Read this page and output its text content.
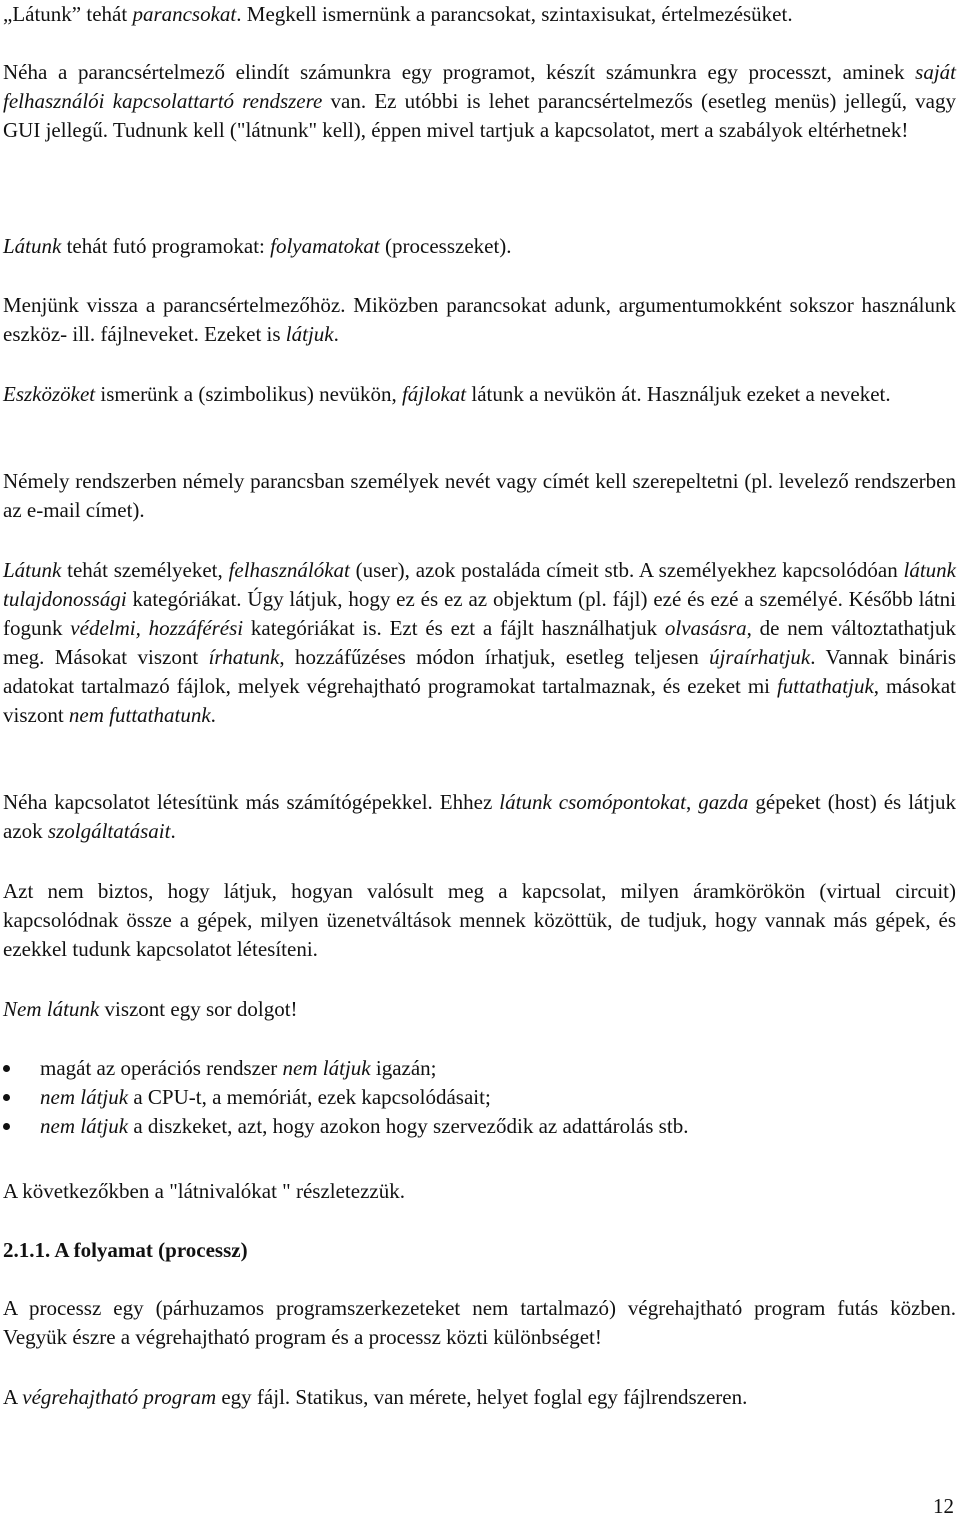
„Látunk” tehát parancsokat. Megkell ismernünk a parancsokat, szintaxisukat, értelmezésüket.

Néha a parancsértelmező elindít számunkra egy programot, készít számunkra egy processzt, aminek saját felhasználói kapcsolattartó rendszere van. Ez utóbbi is lehet parancsértelmezős (esetleg menüs) jellegű, vagy GUI jellegű. Tudnunk kell ("látnunk" kell), éppen mivel tartjuk a kapcsolatot, mert a szabályok eltérhetnek!

Látunk tehát futó programokat: folyamatokat (processzeket).

Menjünk vissza a parancsértelmezőhöz. Miközben parancsokat adunk, argumentumokként sokszor használunk eszköz- ill. fájlneveket. Ezeket is látjuk.

Eszközöket ismerünk a (szimbolikus) nevükön, fájlokat látunk a nevükön át. Használjuk ezeket a neveket.

Némely rendszerben némely parancsban személyek nevét vagy címét kell szerepeltetni (pl. levelező rendszerben az e-mail címet).

Látunk tehát személyeket, felhasználókat (user), azok postaláda címeit stb. A személyekhez kapcsolódóan látunk tulajdonossági kategóriákat. Úgy látjuk, hogy ez és ez az objektum (pl. fájl) ezé és ezé a személyé. Később látni fogunk védelmi, hozzáférési kategóriákat is. Ezt és ezt a fájlt használhatjuk olvasásra, de nem változtathatjuk meg. Másokat viszont írhatunk, hozzáfűzéses módon írhatjuk, esetleg teljesen újraírhatjuk. Vannak bináris adatokat tartalmazó fájlok, melyek végrehajtható programokat tartalmaznak, és ezeket mi futtathatjuk, másokat viszont nem futtathatunk.

Néha kapcsolatot létesítünk más számítógépekkel. Ehhez látunk csomópontokat, gazda gépeket (host) és látjuk azok szolgáltatásait.

Azt nem biztos, hogy látjuk, hogyan valósult meg a kapcsolat, milyen áramkörökön (virtual circuit) kapcsolódnak össze a gépek, milyen üzenetváltások mennek közöttük, de tudjuk, hogy vannak más gépek, és ezekkel tudunk kapcsolatot létesíteni.

Nem látunk viszont egy sor dolgot!

magát az operációs rendszer nem látjuk igazán;
nem látjuk a CPU-t, a memóriát, ezek kapcsolódásait;
nem látjuk a diszkeket, azt, hogy azokon hogy szerveződik az adattárolás stb.

A következőkben a "látnivalókat " részletezzük.

2.1.1. A folyamat (processz)

A processz egy (párhuzamos programszerkezeteket nem tartalmazó) végrehajtható program futás közben. Vegyük észre a végrehajtható program és a processz közti különbséget!

A végrehajtható program egy fájl. Statikus, van mérete, helyet foglal egy fájlrendszeren.

12
